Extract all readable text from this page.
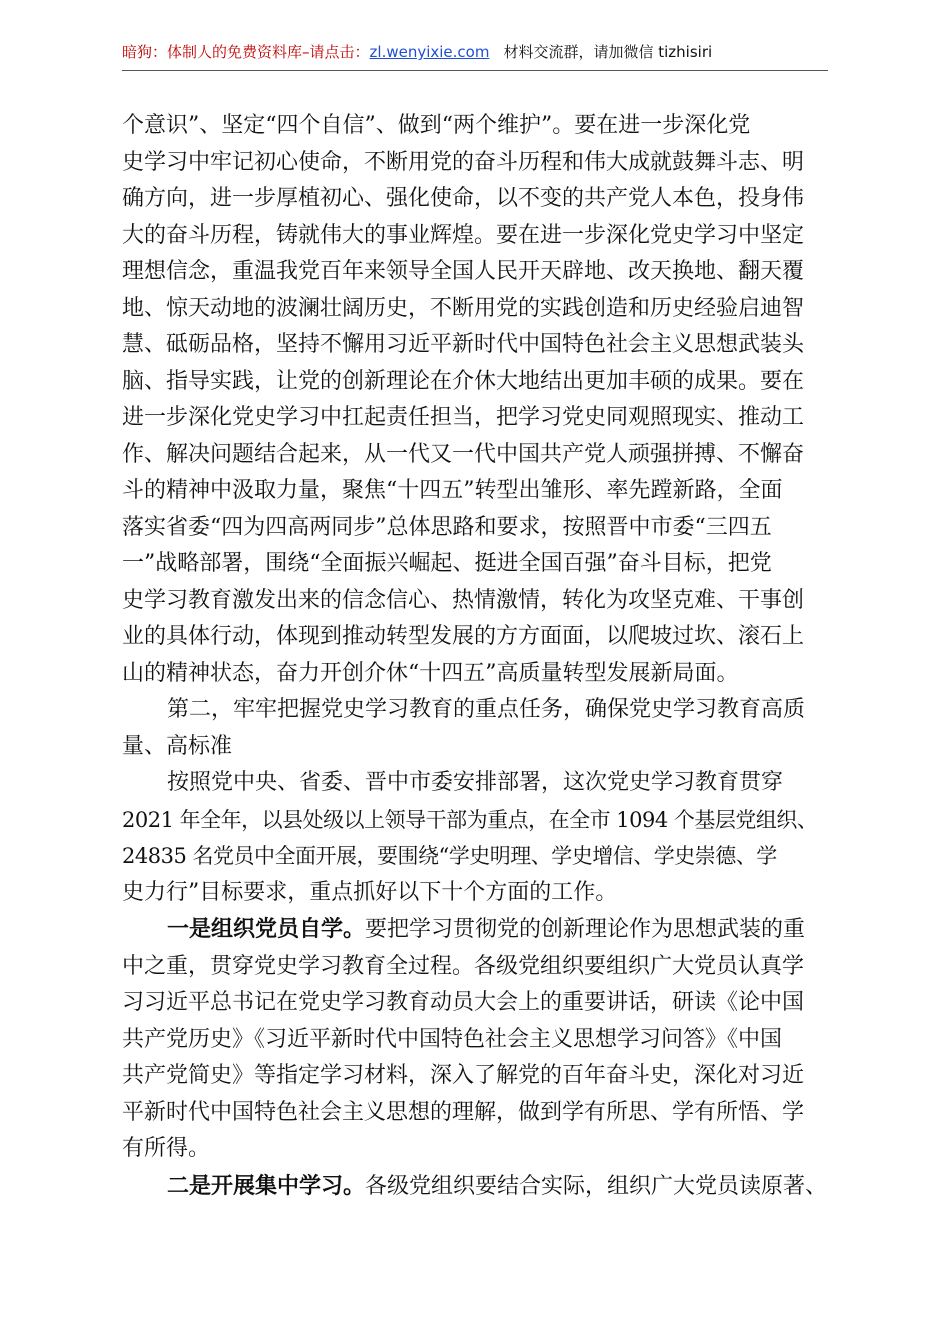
暗狗：体制人的免费资料库–请点击：zl.wenyixie.com 材料交流群，请加微信 tizhisiri

个意识”、坚定“四个自信”、做到“两个维护”。要在进一步深化党
史学习中牢记初心使命，不断用党的奋斗历程和伟大成就鼓舞斗志、明
确方向，进一步厚植初心、强化使命，以不变的共产党人本色，投身伟
大的奋斗历程，铸就伟大的事业辉煌。要在进一步深化党史学习中坚定
理想信念，重温我党百年来领导全国人民开天辟地、改天换地、翻天覆
地、惊天动地的波澜壮阔历史，不断用党的实践创造和历史经验启迪智
慧、砥砺品格，坚持不懈用习近平新时代中国特色社会主义思想武装头
脑、指导实践，让党的创新理论在介休大地结出更加丰硕的成果。要在
进一步深化党史学习中扛起责任担当，把学习党史同观照现实、推动工
作、解决问题结合起来，从一代又一代中国共产党人顽强拼搏、不懈奋
斗的精神中汲取力量，聚焦“十四五”转型出雏形、率先蹚新路，全面
落实省委“四为四高两同步”总体思路和要求，按照晋中市委“三四五
一”战略部署，围绕“全面振兴崛起、挺进全国百强”奋斗目标，把党
史学习教育激发出来的信念信心、热情激情，转化为攻坚克难、干事创
业的具体行动，体现到推动转型发展的方方面面，以爬坡过坎、滚石上
山的精神状态，奋力开创介休“十四五”高质量转型发展新局面。

第二，牢牢把握党史学习教育的重点任务，确保党史学习教育高质
量、高标准

按照党中央、省委、晋中市委安排部署，这次党史学习教育贯穿
2021 年全年，以县处级以上领导干部为重点，在全市 1094 个基层党组织、
24835 名党员中全面开展，要围绕“学史明理、学史增信、学史崇德、学
史力行”目标要求，重点抓好以下十个方面的工作。

一是组织党员自学。要把学习贯彻党的创新理论作为思想武装的重
中之重，贯穿党史学习教育全过程。各级党组织要组织广大党员认真学
习习近平总书记在党史学习教育动员大会上的重要讲话，研读《论中国
共产党历史》《习近平新时代中国特色社会主义思想学习问答》《中国
共产党简史》等指定学习材料，深入了解党的百年奋斗史，深化对习近
平新时代中国特色社会主义思想的理解，做到学有所思、学有所悟、学
有所得。

二是开展集中学习。各级党组织要结合实际，组织广大党员读原著、
